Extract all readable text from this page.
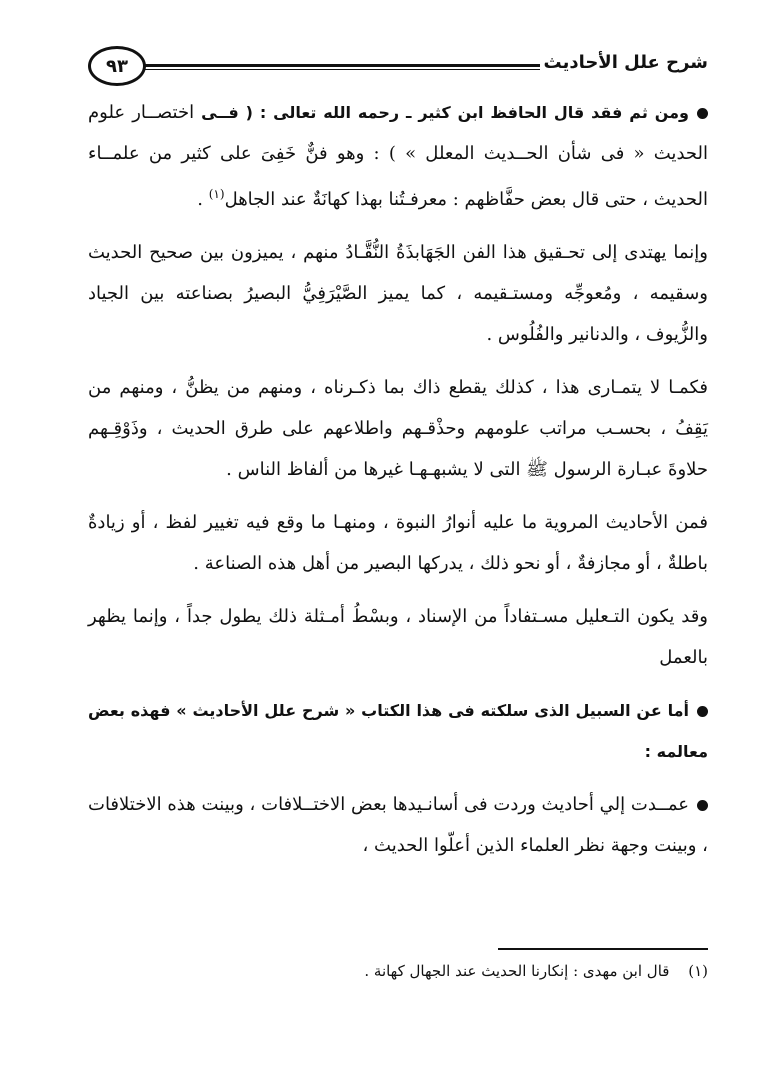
شرح علل الأحاديث
٩٣

ومن ثم فقد قال الحافظ ابن كثير ـ رحمه الله تعالى : ( فــى اختصــار علوم الحديث « فى شأن الحــديث المعلل » ) : وهو فنٌّ خَفِىَ على كثير من علمــاء الحديث ، حتى قال بعض حفَّاظهم : معرفـتُنا بهذا كهانَةٌ عند الجاهل$^{(١)}$ .

وإنما يهتدى إلى تحـقيق هذا الفن الجَهَابذَةُ النُّقَّـادُ منهم ، يميزون بين صحيح الحديث وسقيمه ، ومُعوجِّه ومستـقيمه ، كما يميز الصَّيْرَفِيُّ البصيرُ بصناعته بين الجياد والزُّيوف ، والدنانير والفُلُوس .

فكمـا لا يتمـارى هذا ، كذلك يقطع ذاك بما ذكـرناه ، ومنهم من يظنُّ ، ومنهم من يَقِفُ ، بحسـب مراتب علومهم وحذْقـهم واطلاعهم على طرق الحديث ، وذَوْقِـهم حلاوةَ عبـارة الرسول ﷺ التى لا يشبهـهـا غيرها من ألفاظ الناس .

فمن الأحاديث المروية ما عليه أنوارُ النبوة ، ومنهـا ما وقع فيه تغيير لفظ ، أو زيادةٌ باطلةٌ ، أو مجازفةٌ ، أو نحو ذلك ، يدركها البصير من أهل هذه الصناعة .

وقد يكون التـعليل مسـتفاداً من الإسناد ، وبسْطُ أمـثلة ذلك يطول جداً ، وإنما يظهر بالعمل

أما عن السبيل الذى سلكته فى هذا الكتاب « شرح علل الأحاديث » فهذه بعض معالمه :

عمــدت إلي أحاديث وردت فى أسانـيدها بعض الاختــلافات ، وبينت هذه الاختلافات ، وبينت وجهة نظر العلماء الذين أعلّوا الحديث ،

(١) قال ابن مهدى : إنكارنا الحديث عند الجهال كهانة .
